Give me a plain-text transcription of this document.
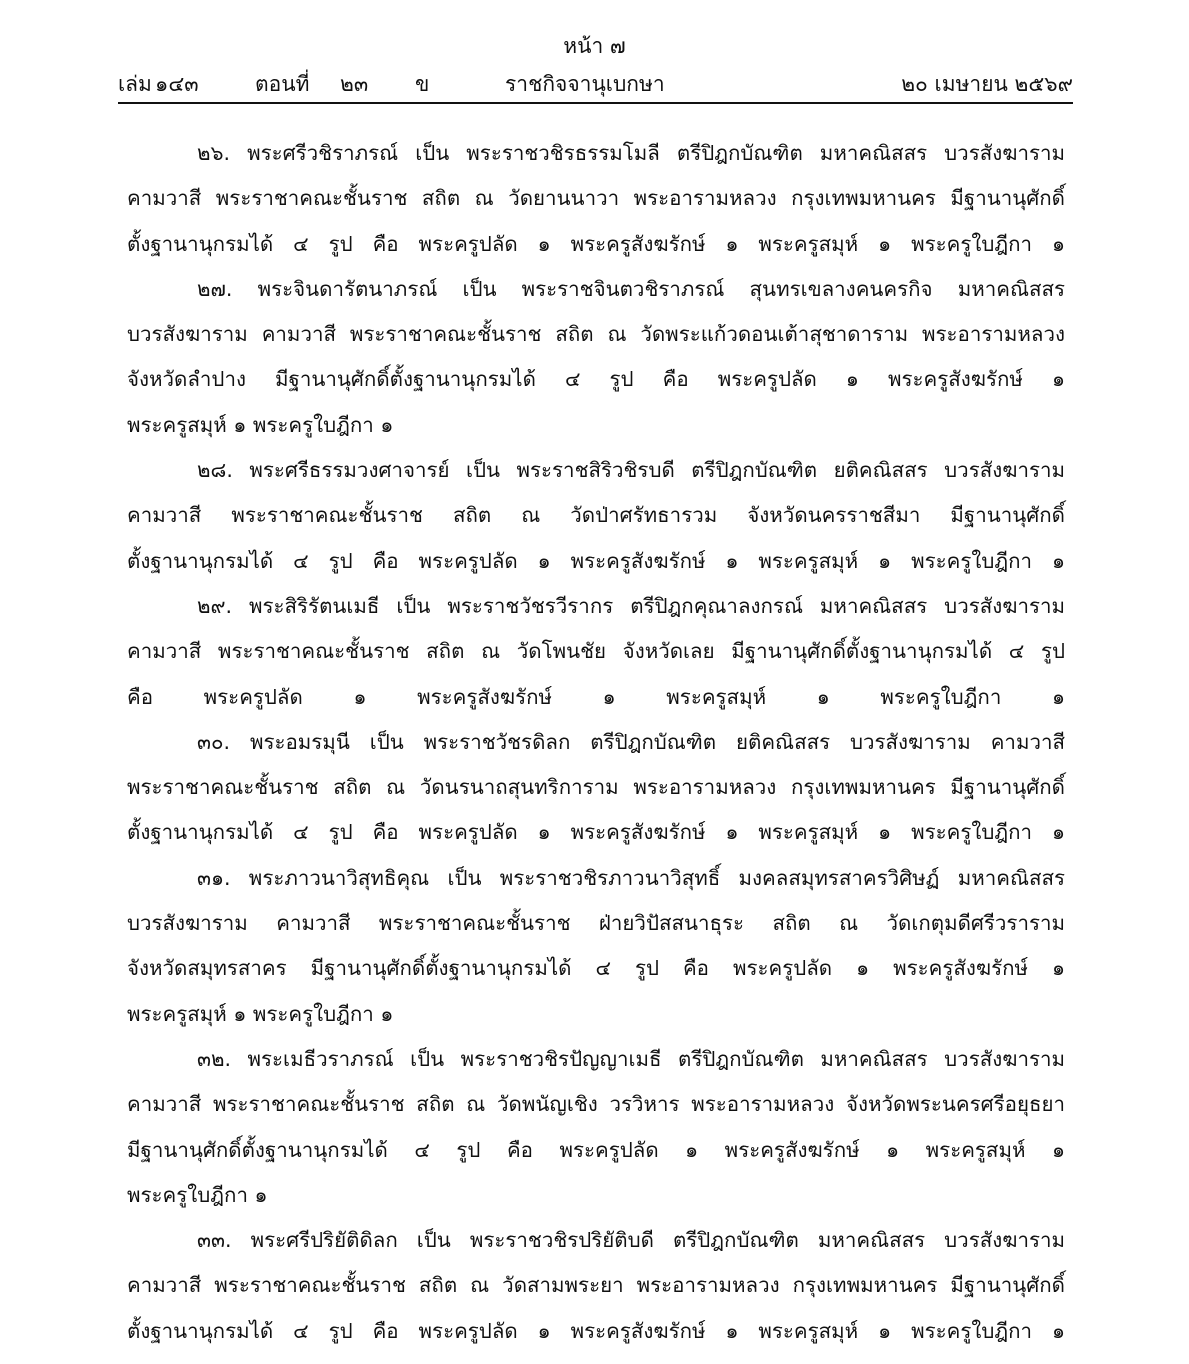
หน้า ๗
เล่ม ๑๔๓	ตอนที่ ๒๓ ข	ราชกิจจานุเบกษา	๒๐ เมษายน ๒๕๖๙
๒๖. พระศรีวชิราภรณ์ เป็น พระราชวชิรธรรมโมลี ตรีปิฎกบัณฑิต มหาคณิสสร บวรสังฆาราม
คามวาสี พระราชาคณะชั้นราช สถิต ณ วัดยานนาวา พระอารามหลวง กรุงเทพมหานคร มีฐานานุศักดิ์
ตั้งฐานานุกรมได้ ๔ รูป คือ พระครูปลัด ๑ พระครูสังฆรักษ์ ๑ พระครูสมุห์ ๑ พระครูใบฎีกา ๑
๒๗. พระจินดารัตนาภรณ์ เป็น พระราชจินตวชิราภรณ์ สุนทรเขลางคนครกิจ มหาคณิสสร
บวรสังฆาราม คามวาสี พระราชาคณะชั้นราช สถิต ณ วัดพระแก้วดอนเต้าสุชาดาราม พระอารามหลวง
จังหวัดลำปาง มีฐานานุศักดิ์ตั้งฐานานุกรมได้ ๔ รูป คือ พระครูปลัด ๑ พระครูสังฆรักษ์ ๑
พระครูสมุห์ ๑ พระครูใบฎีกา ๑
๒๘. พระศรีธรรมวงศาจารย์ เป็น พระราชสิริวชิรบดี ตรีปิฎกบัณฑิต ยติคณิสสร บวรสังฆาราม
คามวาสี พระราชาคณะชั้นราช สถิต ณ วัดป่าศรัทธารวม จังหวัดนครราชสีมา มีฐานานุศักดิ์
ตั้งฐานานุกรมได้ ๔ รูป คือ พระครูปลัด ๑ พระครูสังฆรักษ์ ๑ พระครูสมุห์ ๑ พระครูใบฎีกา ๑
๒๙. พระสิริรัตนเมธี เป็น พระราชวัชรวีรากร ตรีปิฎกคุณาลงกรณ์ มหาคณิสสร บวรสังฆาราม
คามวาสี พระราชาคณะชั้นราช สถิต ณ วัดโพนชัย จังหวัดเลย มีฐานานุศักดิ์ตั้งฐานานุกรมได้ ๔ รูป
คือ พระครูปลัด ๑ พระครูสังฆรักษ์ ๑ พระครูสมุห์ ๑ พระครูใบฎีกา ๑
๓๐. พระอมรมุนี เป็น พระราชวัชรดิลก ตรีปิฎกบัณฑิต ยติคณิสสร บวรสังฆาราม คามวาสี
พระราชาคณะชั้นราช สถิต ณ วัดนรนาถสุนทริการาม พระอารามหลวง กรุงเทพมหานคร มีฐานานุศักดิ์
ตั้งฐานานุกรมได้ ๔ รูป คือ พระครูปลัด ๑ พระครูสังฆรักษ์ ๑ พระครูสมุห์ ๑ พระครูใบฎีกา ๑
๓๑. พระภาวนาวิสุทธิคุณ เป็น พระราชวชิรภาวนาวิสุทธิ์ มงคลสมุทรสาครวิศิษฏ์ มหาคณิสสร
บวรสังฆาราม คามวาสี พระราชาคณะชั้นราช ฝ่ายวิปัสสนาธุระ สถิต ณ วัดเกตุมดีศรีวราราม
จังหวัดสมุทรสาคร มีฐานานุศักดิ์ตั้งฐานานุกรมได้ ๔ รูป คือ พระครูปลัด ๑ พระครูสังฆรักษ์ ๑
พระครูสมุห์ ๑ พระครูใบฎีกา ๑
๓๒. พระเมธีวราภรณ์ เป็น พระราชวชิรปัญญาเมธี ตรีปิฎกบัณฑิต มหาคณิสสร บวรสังฆาราม
คามวาสี พระราชาคณะชั้นราช สถิต ณ วัดพนัญเชิง วรวิหาร พระอารามหลวง จังหวัดพระนครศรีอยุธยา
มีฐานานุศักดิ์ตั้งฐานานุกรมได้ ๔ รูป คือ พระครูปลัด ๑ พระครูสังฆรักษ์ ๑ พระครูสมุห์ ๑
พระครูใบฎีกา ๑
๓๓. พระศรีปริยัติดิลก เป็น พระราชวชิรปริยัติบดี ตรีปิฎกบัณฑิต มหาคณิสสร บวรสังฆาราม
คามวาสี พระราชาคณะชั้นราช สถิต ณ วัดสามพระยา พระอารามหลวง กรุงเทพมหานคร มีฐานานุศักดิ์
ตั้งฐานานุกรมได้ ๔ รูป คือ พระครูปลัด ๑ พระครูสังฆรักษ์ ๑ พระครูสมุห์ ๑ พระครูใบฎีกา ๑
